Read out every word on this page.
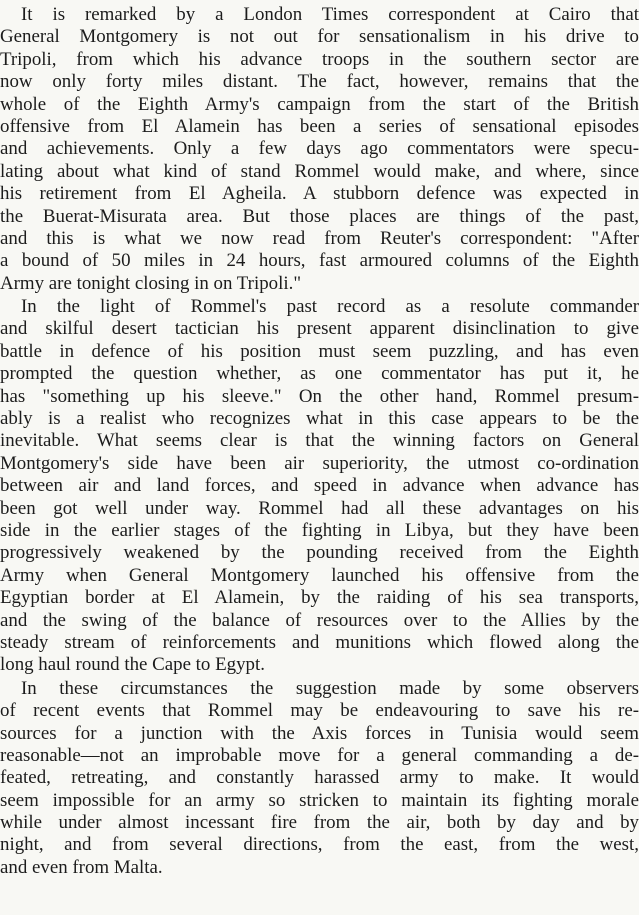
It is remarked by a London Times correspondent at Cairo that
General Montgomery is not out for sensationalism in his drive to
Tripoli, from which his advance troops in the southern sector are
now only forty miles distant. The fact, however, remains that the
whole of the Eighth Army's campaign from the start of the British
offensive from El Alamein has been a series of sensational episodes
and achievements. Only a few days ago commentators were specu-
lating about what kind of stand Rommel would make, and where, since
his retirement from El Agheila. A stubborn defence was expected in
the Buerat-Misurata area. But those places are things of the past,
and this is what we now read from Reuter's correspondent: "After
a bound of 50 miles in 24 hours, fast armoured columns of the Eighth
Army are tonight closing in on Tripoli."
In the light of Rommel's past record as a resolute commander
and skilful desert tactician his present apparent disinclination to give
battle in defence of his position must seem puzzling, and has even
prompted the question whether, as one commentator has put it, he
has "something up his sleeve." On the other hand, Rommel presum-
ably is a realist who recognizes what in this case appears to be the
inevitable. What seems clear is that the winning factors on General
Montgomery's side have been air superiority, the utmost co-ordination
between air and land forces, and speed in advance when advance has
been got well under way. Rommel had all these advantages on his
side in the earlier stages of the fighting in Libya, but they have been
progressively weakened by the pounding received from the Eighth
Army when General Montgomery launched his offensive from the
Egyptian border at El Alamein, by the raiding of his sea transports,
and the swing of the balance of resources over to the Allies by the
steady stream of reinforcements and munitions which flowed along the
long haul round the Cape to Egypt.
In these circumstances the suggestion made by some observers
of recent events that Rommel may be endeavouring to save his re-
sources for a junction with the Axis forces in Tunisia would seem
reasonable—not an improbable move for a general commanding a de-
feated, retreating, and constantly harassed army to make. It would
seem impossible for an army so stricken to maintain its fighting morale
while under almost incessant fire from the air, both by day and by
night, and from several directions, from the east, from the west,
and even from Malta.
